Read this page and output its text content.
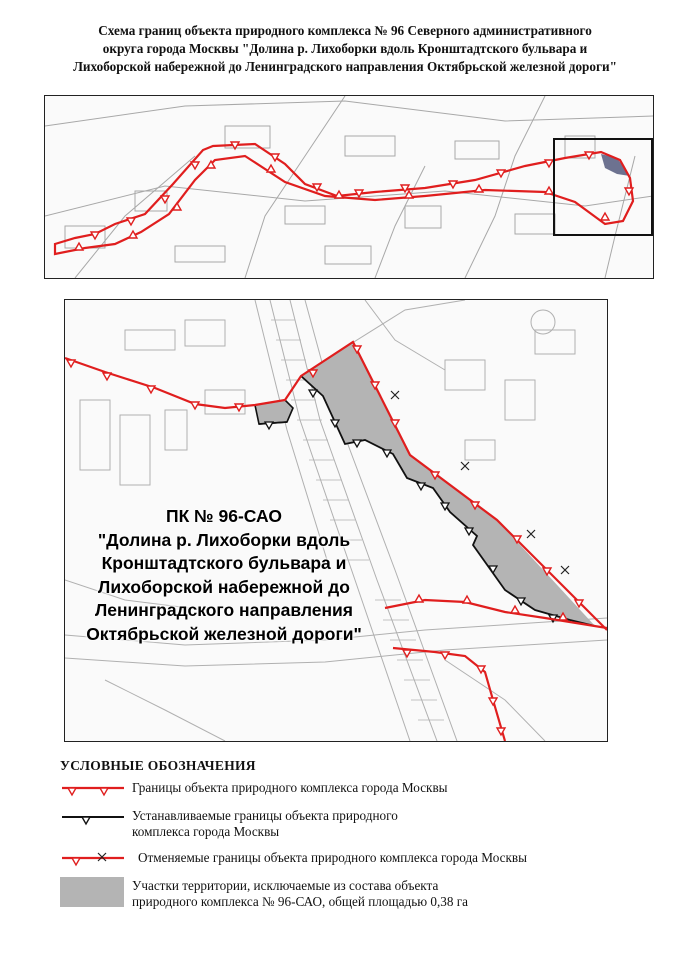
Схема границ объекта природного комплекса № 96 Северного административного
округа города Москвы "Долина р. Лихоборки вдоль Кронштадтского бульвара и
Лихоборской набережной до Ленинградского направления Октябрьской железной дороги"
ПК № 96-САО
"Долина р. Лихоборки вдоль
Кронштадтского бульвара и
Лихоборской набережной до
Ленинградского направления
Октябрьской железной дороги"
УСЛОВНЫЕ ОБОЗНАЧЕНИЯ
Границы объекта природного комплекса города Москвы
Устанавливаемые границы объекта природного
комплекса города Москвы
Отменяемые границы объекта природного комплекса города Москвы
Участки территории, исключаемые из состава объекта
природного комплекса № 96-САО, общей площадью 0,38 га
